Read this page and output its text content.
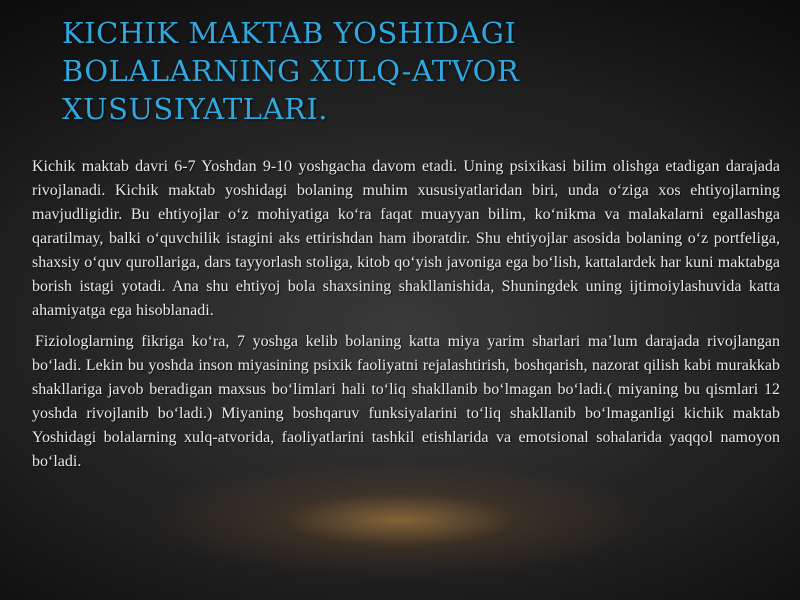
KICHIK MAKTAB YOSHIDAGI BOLALARNING XULQ-ATVOR XUSUSIYATLARI.

Kichik maktab davri 6-7 Yoshdan 9-10 yoshgacha davom etadi. Uning psixikasi bilim olishga etadigan darajada rivojlanadi. Kichik maktab yoshidagi bolaning muhim xususiyatlaridan biri, unda o‘ziga xos ehtiyojlarning mavjudligidir. Bu ehtiyojlar o‘z mohiyatiga ko‘ra faqat muayyan bilim, ko‘nikma va malakalarni egallashga qaratilmay, balki o‘quvchilik istagini aks ettirishdan ham iboratdir. Shu ehtiyojlar asosida bolaning o‘z portfeliga, shaxsiy o‘quv qurollariga, dars tayyorlash stoliga, kitob qo‘yish javoniga ega bo‘lish, kattalardek har kuni maktabga borish istagi yotadi. Ana shu ehtiyoj bola shaxsining shakllanishida, Shuningdek uning ijtimoiylashuvida katta ahamiyatga ega hisoblanadi.

Fiziologlarning fikriga ko‘ra, 7 yoshga kelib bolaning katta miya yarim sharlari ma’lum darajada rivojlangan bo‘ladi. Lekin bu yoshda inson miyasining psixik faoliyatni rejalashtirish, boshqarish, nazorat qilish kabi murakkab shakllariga javob beradigan maxsus bo‘limlari hali to‘liq shakllanib bo‘lmagan bo‘ladi.( miyaning bu qismlari 12 yoshda rivojlanib bo‘ladi.) Miyaning boshqaruv funksiyalarini to‘liq shakllanib bo‘lmaganligi kichik maktab Yoshidagi bolalarning xulq-atvorida, faoliyatlarini tashkil etishlarida va emotsional sohalarida yaqqol namoyon bo‘ladi.
